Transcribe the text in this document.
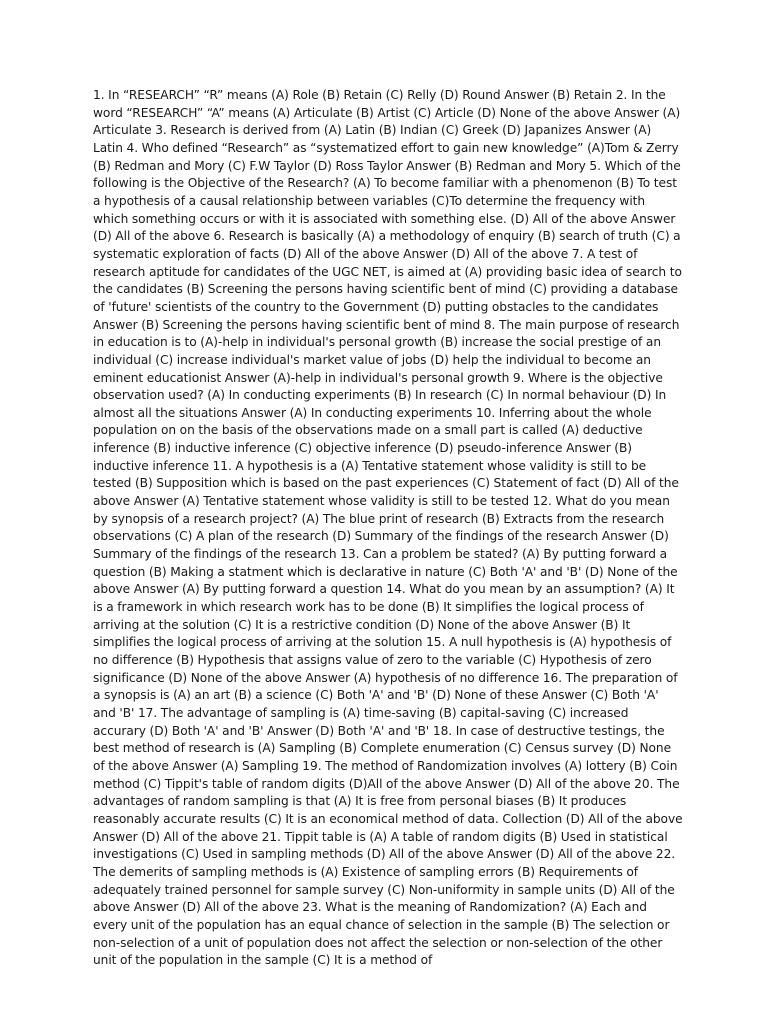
1. In “RESEARCH” “R” means (A) Role (B) Retain (C) Relly (D) Round Answer (B) Retain 2. In the word “RESEARCH” “A” means (A) Articulate (B) Artist (C) Article (D) None of the above Answer (A) Articulate 3. Research is derived from (A) Latin (B) Indian (C) Greek (D) Japanizes Answer (A) Latin 4. Who defined “Research” as “systematized effort to gain new knowledge” (A)Tom & Zerry (B) Redman and Mory (C) F.W Taylor (D) Ross Taylor Answer (B) Redman and Mory 5. Which of the following is the Objective of the Research? (A) To become familiar with a phenomenon (B) To test a hypothesis of a causal relationship between variables (C)To determine the frequency with which something occurs or with it is associated with something else. (D) All of the above Answer (D) All of the above 6. Research is basically (A) a methodology of enquiry (B) search of truth (C) a systematic exploration of facts (D) All of the above Answer (D) All of the above 7. A test of research aptitude for candidates of the UGC NET, is aimed at (A) providing basic idea of search to the candidates (B) Screening the persons having scientific bent of mind (C) providing a database of 'future' scientists of the country to the Government (D) putting obstacles to the candidates Answer (B) Screening the persons having scientific bent of mind 8. The main purpose of research in education is to (A)-help in individual's personal growth (B) increase the social prestige of an individual (C) increase individual's market value of jobs (D) help the individual to become an eminent educationist Answer (A)-help in individual's personal growth 9. Where is the objective observation used? (A) In conducting experiments (B) In research (C) In normal behaviour (D) In almost all the situations Answer (A) In conducting experiments 10. Inferring about the whole population on on the basis of the observations made on a small part is called (A) deductive inference (B) inductive inference (C) objective inference (D) pseudo-inference Answer (B) inductive inference 11. A hypothesis is a (A) Tentative statement whose validity is still to be tested (B) Supposition which is based on the past experiences (C) Statement of fact (D) All of the above Answer (A) Tentative statement whose validity is still to be tested 12. What do you mean by synopsis of a research project? (A) The blue print of research (B) Extracts from the research observations (C) A plan of the research (D) Summary of the findings of the research Answer (D) Summary of the findings of the research 13. Can a problem be stated? (A) By putting forward a question (B) Making a statment which is declarative in nature (C) Both 'A' and 'B' (D) None of the above Answer (A) By putting forward a question 14. What do you mean by an assumption? (A) It is a framework in which research work has to be done (B) It simplifies the logical process of arriving at the solution (C) It is a restrictive condition (D) None of the above Answer (B) It simplifies the logical process of arriving at the solution 15. A null hypothesis is (A) hypothesis of no difference (B) Hypothesis that assigns value of zero to the variable (C) Hypothesis of zero significance (D) None of the above Answer (A) hypothesis of no difference 16. The preparation of a synopsis is (A) an art (B) a science (C) Both 'A' and 'B' (D) None of these Answer (C) Both 'A' and 'B' 17. The advantage of sampling is (A) time-saving (B) capital-saving (C) increased accurary (D) Both 'A' and 'B' Answer (D) Both 'A' and 'B' 18. In case of destructive testings, the best method of research is (A) Sampling (B) Complete enumeration (C) Census survey (D) None of the above Answer (A) Sampling 19. The method of Randomization involves (A) lottery (B) Coin method (C) Tippit's table of random digits (D)All of the above Answer (D) All of the above 20. The advantages of random sampling is that (A) It is free from personal biases (B) It produces reasonably accurate results (C) It is an economical method of data. Collection (D) All of the above Answer (D) All of the above 21. Tippit table is (A) A table of random digits (B) Used in statistical investigations (C) Used in sampling methods (D) All of the above Answer (D) All of the above 22. The demerits of sampling methods is (A) Existence of sampling errors (B) Requirements of adequately trained personnel for sample survey (C) Non-uniformity in sample units (D) All of the above Answer (D) All of the above 23. What is the meaning of Randomization? (A) Each and every unit of the population has an equal chance of selection in the sample (B) The selection or non-selection of a unit of population does not affect the selection or non-selection of the other unit of the population in the sample (C) It is a method of
